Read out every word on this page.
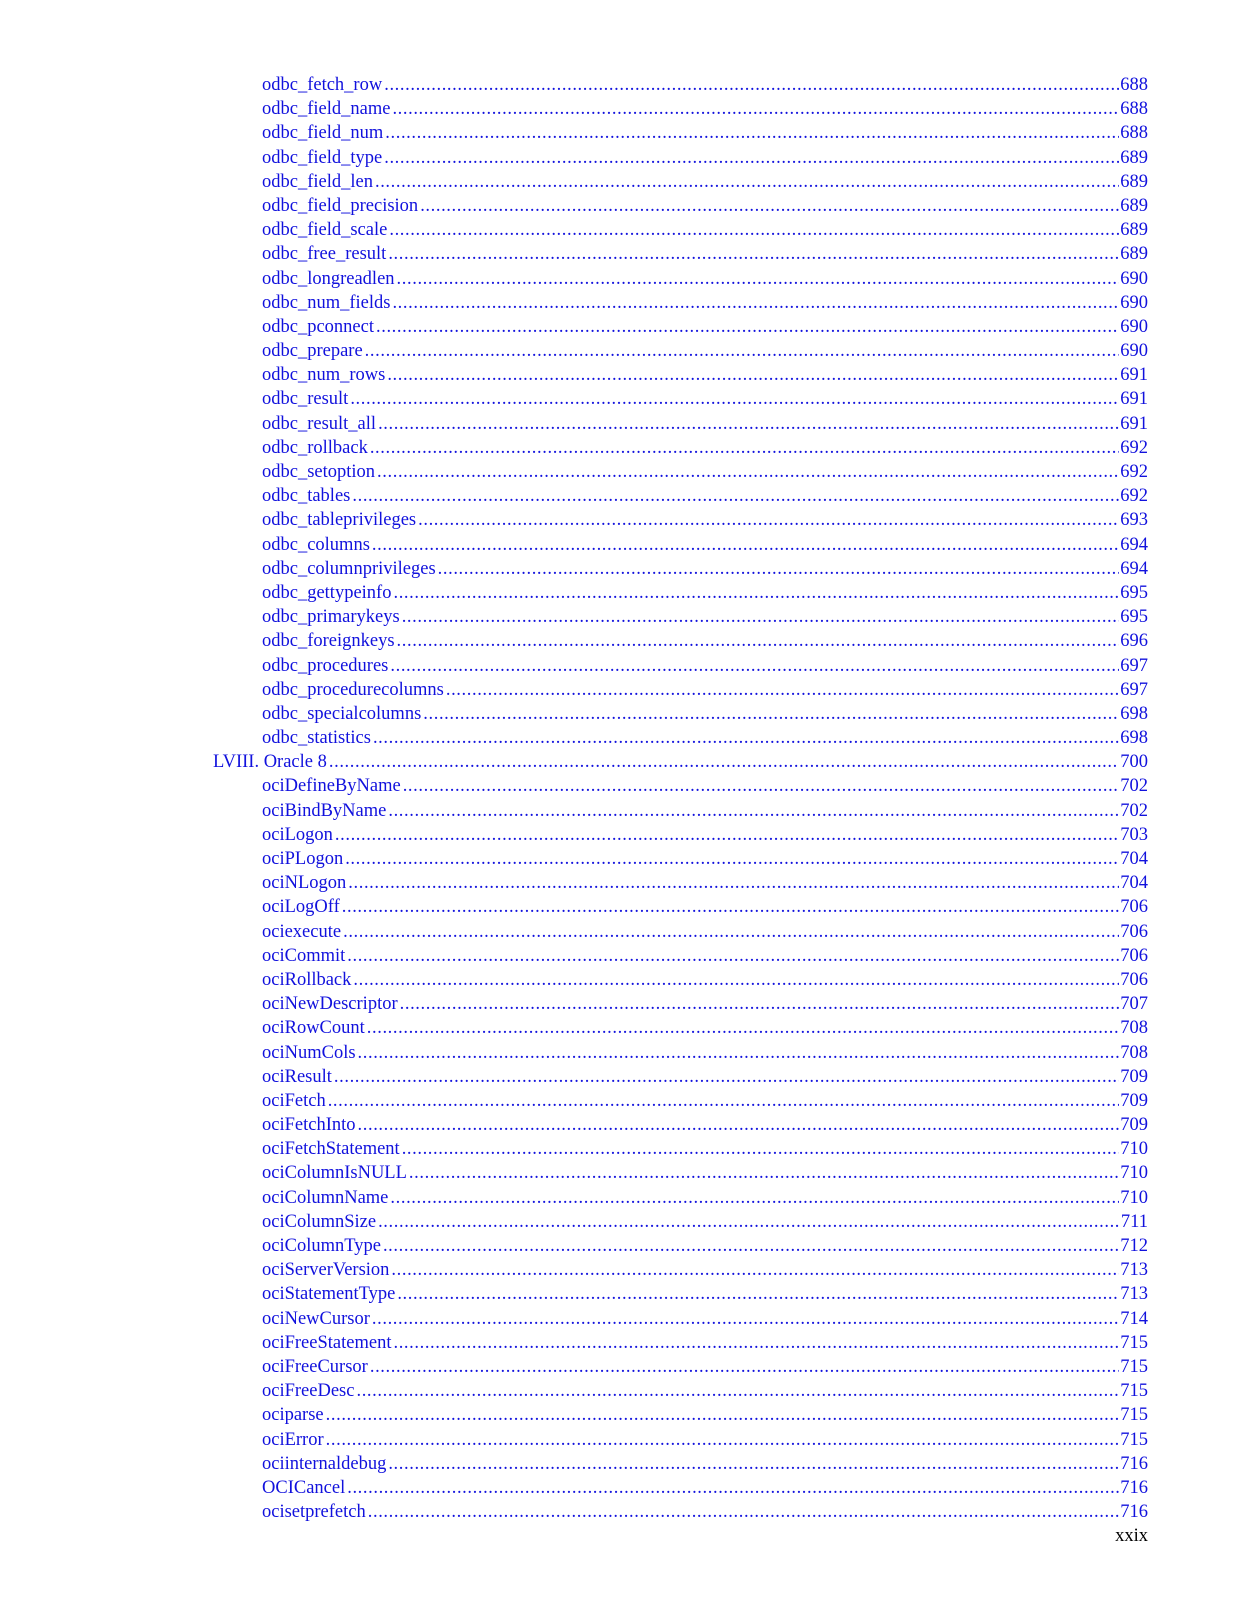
odbc_fetch_row .....	688
odbc_field_name .....	688
odbc_field_num .....	688
odbc_field_type .....	689
odbc_field_len .....	689
odbc_field_precision .....	689
odbc_field_scale .....	689
odbc_free_result .....	689
odbc_longreadlen .....	690
odbc_num_fields .....	690
odbc_pconnect .....	690
odbc_prepare .....	690
odbc_num_rows .....	691
odbc_result .....	691
odbc_result_all .....	691
odbc_rollback .....	692
odbc_setoption .....	692
odbc_tables .....	692
odbc_tableprivileges .....	693
odbc_columns .....	694
odbc_columnprivileges .....	694
odbc_gettypeinfo .....	695
odbc_primarykeys .....	695
odbc_foreignkeys .....	696
odbc_procedures .....	697
odbc_procedurecolumns .....	697
odbc_specialcolumns .....	698
odbc_statistics .....	698
LVIII. Oracle 8 .....	700
ociDefineByName .....	702
ociBindByName .....	702
ociLogon .....	703
ociPLogon .....	704
ociNLogon .....	704
ociLogOff .....	706
ociexecute .....	706
ociCommit .....	706
ociRollback .....	706
ociNewDescriptor .....	707
ociRowCount .....	708
ociNumCols .....	708
ociResult .....	709
ociFetch .....	709
ociFetchInto .....	709
ociFetchStatement .....	710
ociColumnIsNULL .....	710
ociColumnName .....	710
ociColumnSize .....	711
ociColumnType .....	712
ociServerVersion .....	713
ociStatementType .....	713
ociNewCursor .....	714
ociFreeStatement .....	715
ociFreeCursor .....	715
ociFreeDesc .....	715
ociparse .....	715
ociError .....	715
ociinternaldebug .....	716
OCICancel .....	716
ocisetprefetch .....	716
xxix
